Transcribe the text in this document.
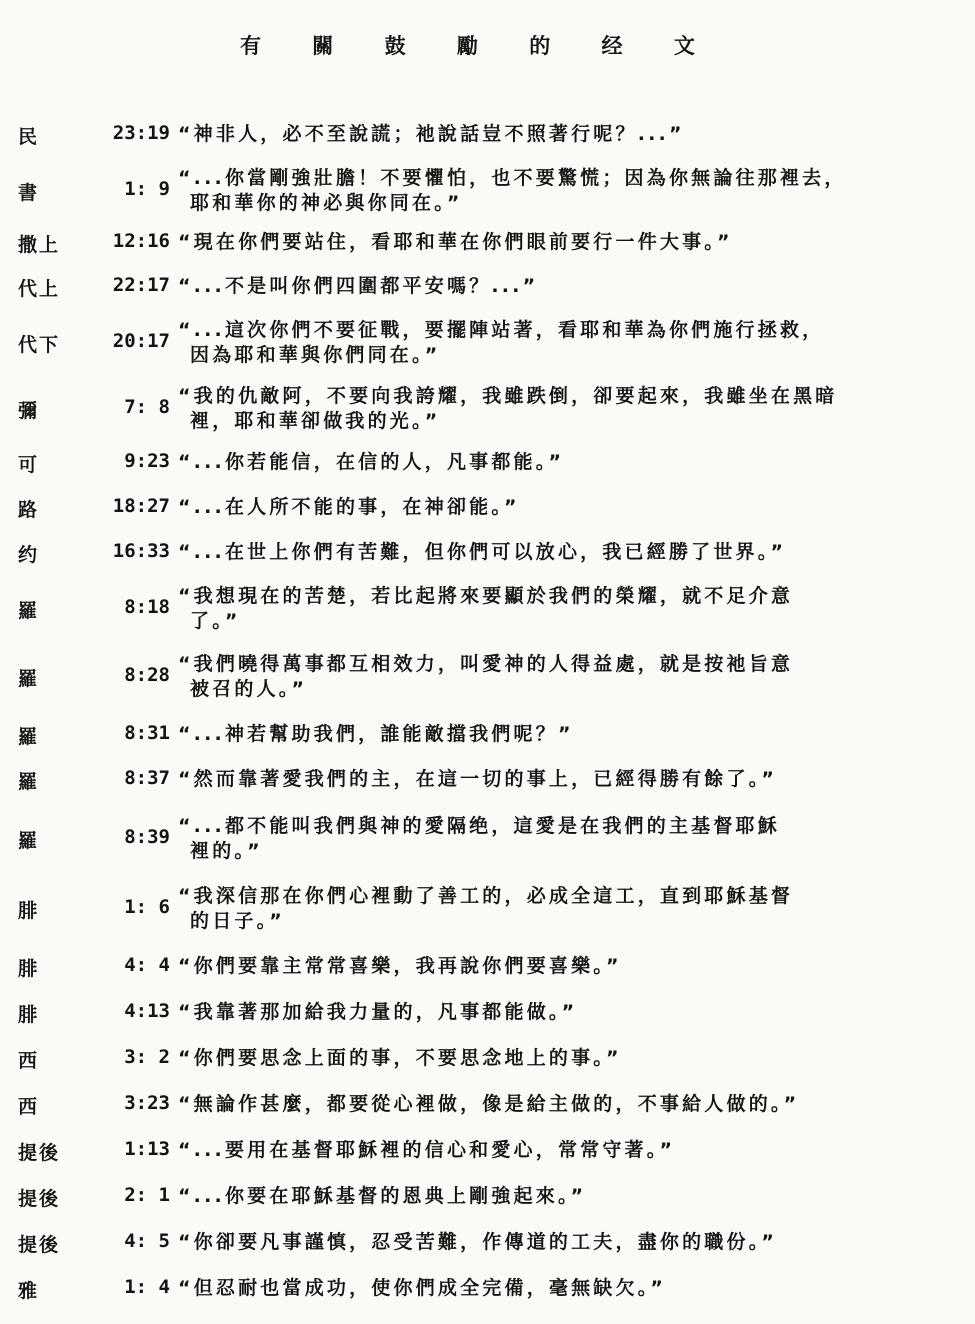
有 關 鼓 勵 的 经 文
民	23:19 “神非人，必不至說謊；祂說話豈不照著行呢？...”
書	1: 9 “...你當剛強壯膽！不要懼怕，也不要驚慌；因為你無論往那裡去，
耶和華你的神必與你同在。”
撒上	12:16 “現在你們要站住，看耶和華在你們眼前要行一件大事。”
代上	22:17 “...不是叫你們四圍都平安嗎？...”
代下	20:17 “...這次你們不要征戰，要擺陣站著，看耶和華為你們施行拯救，
因為耶和華與你們同在。”
彌	7: 8 “我的仇敵阿，不要向我誇耀，我雖跌倒，卻要起來，我雖坐在黑暗
裡，耶和華卻做我的光。”
可	9:23 “...你若能信，在信的人，凡事都能。”
路	18:27 “...在人所不能的事，在神卻能。”
约	16:33 “...在世上你們有苦難，但你們可以放心，我已經勝了世界。”
羅	8:18 “我想現在的苦楚，若比起將來要顯於我們的榮耀，就不足介意
了。”
羅	8:28 “我們曉得萬事都互相效力，叫愛神的人得益處，就是按祂旨意
被召的人。”
羅	8:31 “...神若幫助我們，誰能敵擋我們呢？”
羅	8:37 “然而靠著愛我們的主，在這一切的事上，已經得勝有餘了。”
羅	8:39 “...都不能叫我們與神的愛隔绝，這愛是在我們的主基督耶穌
裡的。”
腓	1: 6 “我深信那在你們心裡動了善工的，必成全這工，直到耶穌基督
的日子。”
腓	4: 4 “你們要靠主常常喜樂，我再說你們要喜樂。”
腓	4:13 “我靠著那加給我力量的，凡事都能做。”
西	3: 2 “你們要思念上面的事，不要思念地上的事。”
西	3:23 “無論作甚麼，都要從心裡做，像是給主做的，不事給人做的。”
提後	1:13 “...要用在基督耶穌裡的信心和愛心，常常守著。”
提後	2: 1 “...你要在耶穌基督的恩典上剛強起來。”
提後	4: 5 “你卻要凡事謹慎，忍受苦難，作傳道的工夫，盡你的職份。”
雅	1: 4 “但忍耐也當成功，使你們成全完備，毫無缺欠。”
